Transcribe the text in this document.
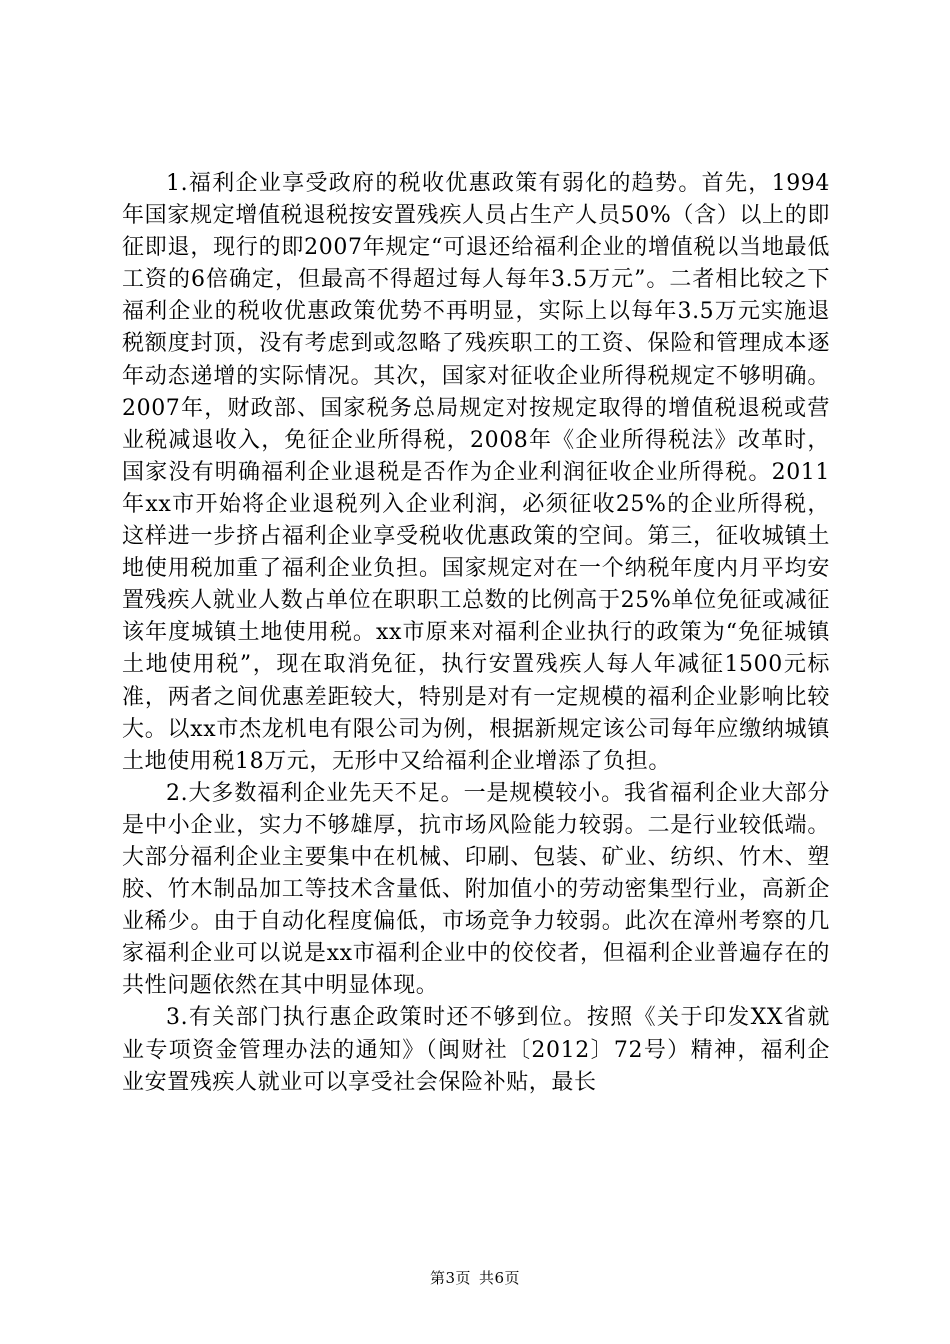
1.福利企业享受政府的税收优惠政策有弱化的趋势。首先，1994年国家规定增值税退税按安置残疾人员占生产人员50%（含）以上的即征即退，现行的即2007年规定“可退还给福利企业的增值税以当地最低工资的6倍确定，但最高不得超过每人每年3.5万元”。二者相比较之下福利企业的税收优惠政策优势不再明显，实际上以每年3.5万元实施退税额度封顶，没有考虑到或忽略了残疾职工的工资、保险和管理成本逐年动态递增的实际情况。其次，国家对征收企业所得税规定不够明确。2007年，财政部、国家税务总局规定对按规定取得的增值税退税或营业税减退收入，免征企业所得税，2008年《企业所得税法》改革时，国家没有明确福利企业退税是否作为企业利润征收企业所得税。2011年xx市开始将企业退税列入企业利润，必须征收25%的企业所得税，这样进一步挤占福利企业享受税收优惠政策的空间。第三，征收城镇土地使用税加重了福利企业负担。国家规定对在一个纳税年度内月平均安置残疾人就业人数占单位在职职工总数的比例高于25%单位免征或减征该年度城镇土地使用税。xx市原来对福利企业执行的政策为“免征城镇土地使用税”，现在取消免征，执行安置残疾人每人年减征1500元标准，两者之间优惠差距较大，特别是对有一定规模的福利企业影响比较大。以xx市杰龙机电有限公司为例，根据新规定该公司每年应缴纳城镇土地使用税18万元，无形中又给福利企业增添了负担。

2.大多数福利企业先天不足。一是规模较小。我省福利企业大部分是中小企业，实力不够雄厚，抗市场风险能力较弱。二是行业较低端。大部分福利企业主要集中在机械、印刷、包装、矿业、纺织、竹木、塑胶、竹木制品加工等技术含量低、附加值小的劳动密集型行业，高新企业稀少。由于自动化程度偏低，市场竞争力较弱。此次在漳州考察的几家福利企业可以说是xx市福利企业中的佼佼者，但福利企业普遍存在的共性问题依然在其中明显体现。

3.有关部门执行惠企政策时还不够到位。按照《关于印发XX省就业专项资金管理办法的通知》（闽财社〔2012〕72号）精神，福利企业安置残疾人就业可以享受社会保险补贴，最长

第3页 共6页
